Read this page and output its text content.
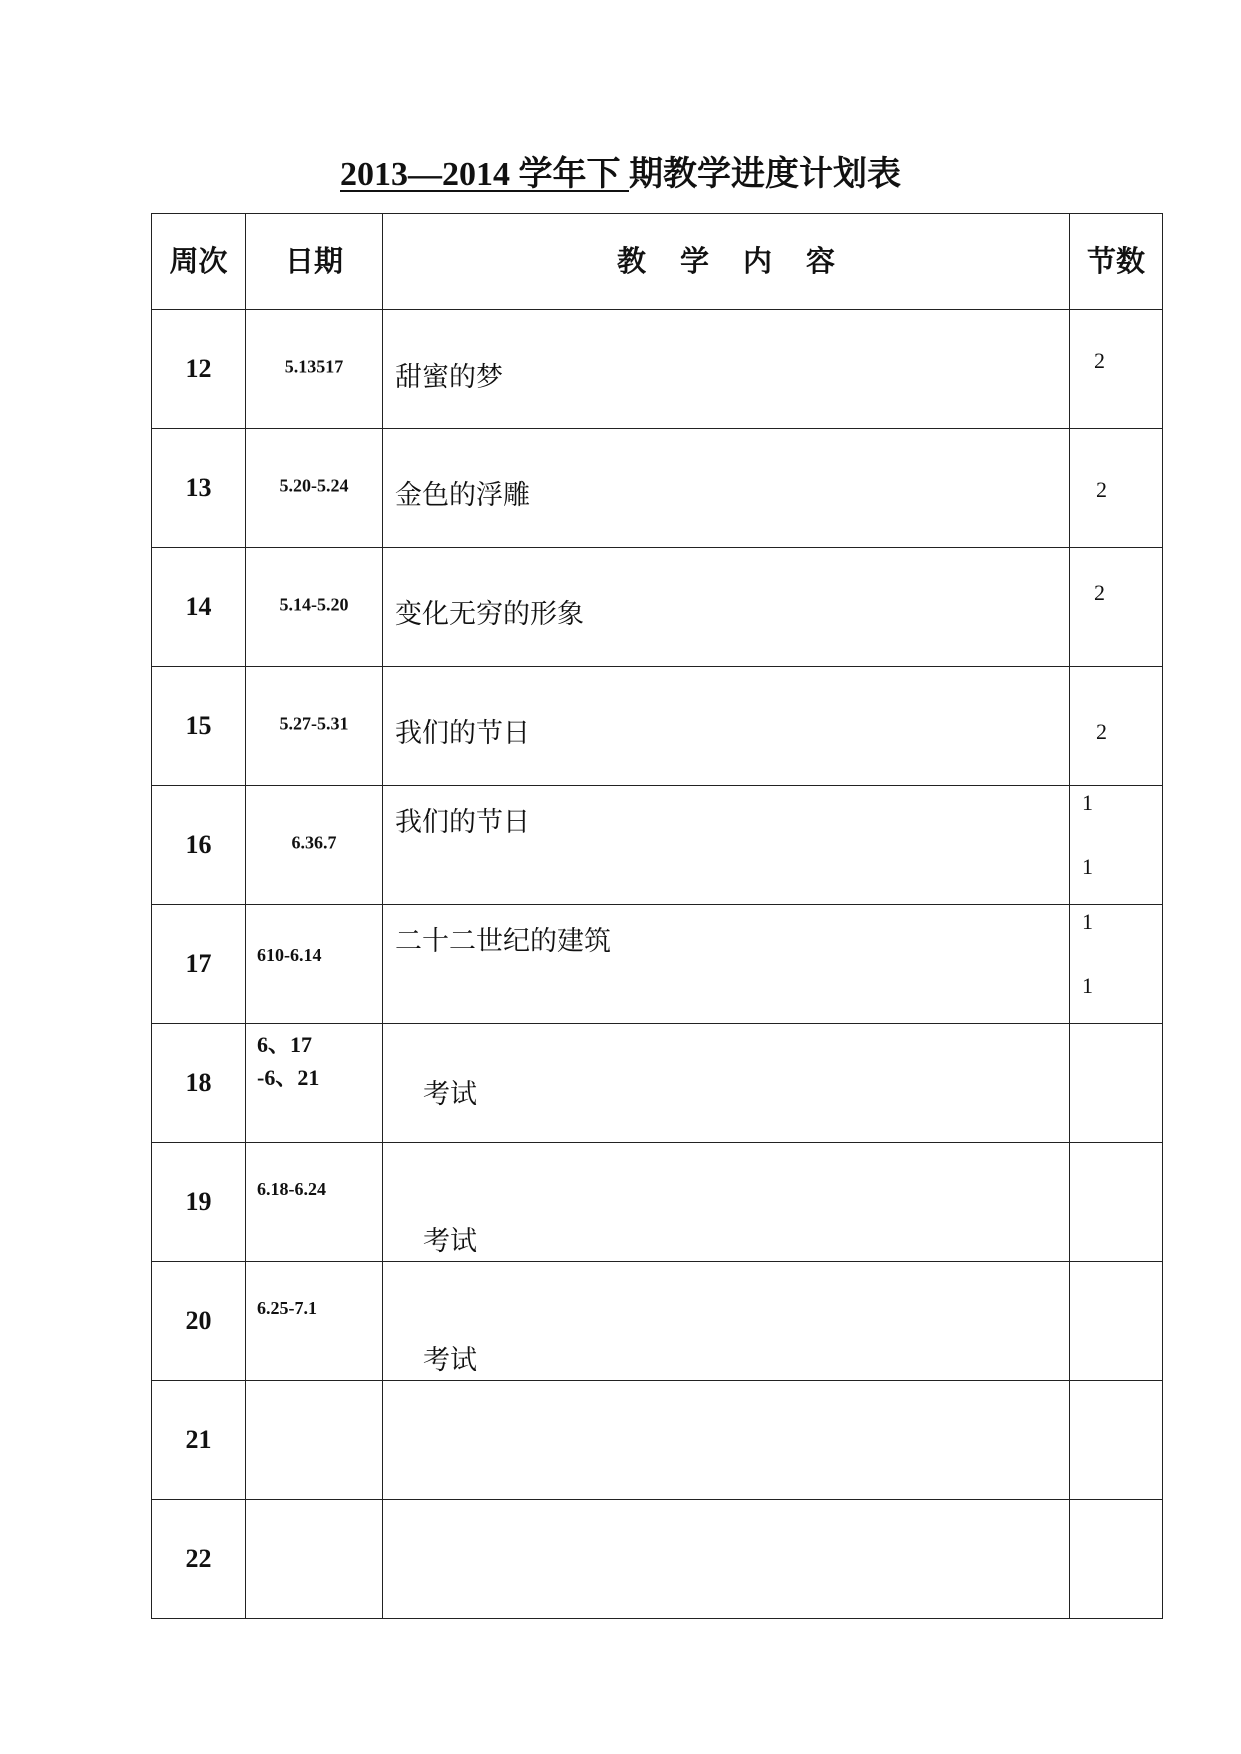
2013—2014 学年下 期教学进度计划表
周次	日期	教学内容	节数

12	5.13517	甜蜜的梦	2

13	5.20-5.24	金色的浮雕	2

14	5.14-5.20	变化无穷的形象	2

15	5.27-5.31	我们的节日	2

16	6.36.7	我们的节日	1
1

17	610-6.14	二十二世纪的建筑	1
1

18	6、17
-6、21	考试	

19	6.18-6.24	考试	

20	6.25-7.1	考试	

21			

22			
